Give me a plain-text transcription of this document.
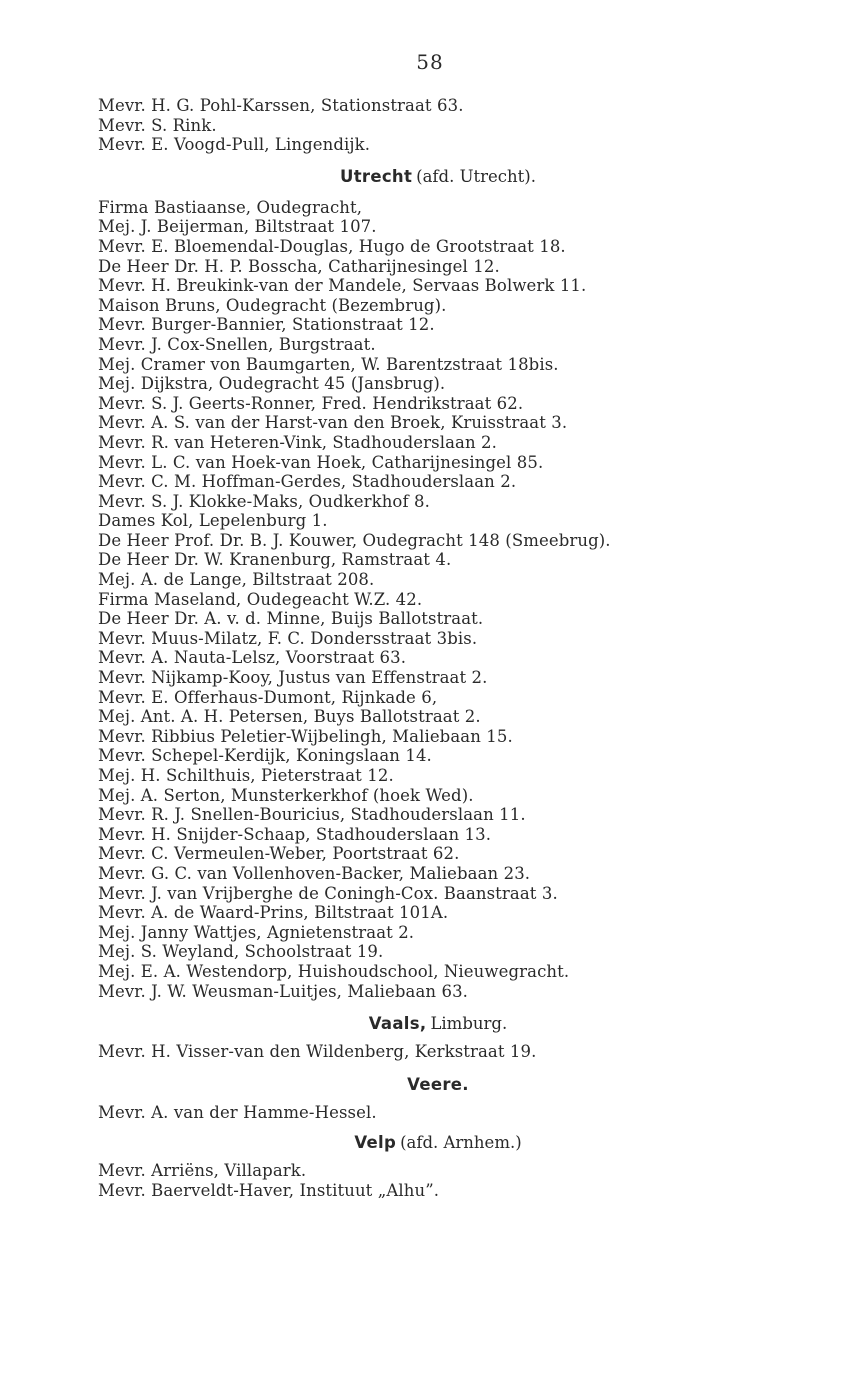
58
Mevr. H. G. Pohl-Karssen, Stationstraat 63.
Mevr. S. Rink.
Mevr. E. Voogd-Pull, Lingendijk.
Utrecht (afd. Utrecht).
Firma Bastiaanse, Oudegracht,
Mej. J. Beijerman, Biltstraat 107.
Mevr. E. Bloemendal-Douglas, Hugo de Grootstraat 18.
De Heer Dr. H. P. Bosscha, Catharijnesingel 12.
Mevr. H. Breukink-van der Mandele, Servaas Bolwerk 11.
Maison Bruns, Oudegracht (Bezembrug).
Mevr. Burger-Bannier, Stationstraat 12.
Mevr. J. Cox-Snellen, Burgstraat.
Mej. Cramer von Baumgarten, W. Barentzstraat 18bis.
Mej. Dijkstra, Oudegracht 45 (Jansbrug).
Mevr. S. J. Geerts-Ronner, Fred. Hendrikstraat 62.
Mevr. A. S. van der Harst-van den Broek, Kruisstraat 3.
Mevr. R. van Heteren-Vink, Stadhouderslaan 2.
Mevr. L. C. van Hoek-van Hoek, Catharijnesingel 85.
Mevr. C. M. Hoffman-Gerdes, Stadhouderslaan 2.
Mevr. S. J. Klokke-Maks, Oudkerkhof 8.
Dames Kol, Lepelenburg 1.
De Heer Prof. Dr. B. J. Kouwer, Oudegracht 148 (Smeebrug).
De Heer Dr. W. Kranenburg, Ramstraat 4.
Mej. A. de Lange, Biltstraat 208.
Firma Maseland, Oudegeacht W.Z. 42.
De Heer Dr. A. v. d. Minne, Buijs Ballotstraat.
Mevr. Muus-Milatz, F. C. Dondersstraat 3bis.
Mevr. A. Nauta-Lelsz, Voorstraat 63.
Mevr. Nijkamp-Kooy, Justus van Effenstraat 2.
Mevr. E. Offerhaus-Dumont, Rijnkade 6,
Mej. Ant. A. H. Petersen, Buys Ballotstraat 2.
Mevr. Ribbius Peletier-Wijbelingh, Maliebaan 15.
Mevr. Schepel-Kerdijk, Koningslaan 14.
Mej. H. Schilthuis, Pieterstraat 12.
Mej. A. Serton, Munsterkerkhof (hoek Wed).
Mevr. R. J. Snellen-Bouricius, Stadhouderslaan 11.
Mevr. H. Snijder-Schaap, Stadhouderslaan 13.
Mevr. C. Vermeulen-Weber, Poortstraat 62.
Mevr. G. C. van Vollenhoven-Backer, Maliebaan 23.
Mevr. J. van Vrijberghe de Coningh-Cox. Baanstraat 3.
Mevr. A. de Waard-Prins, Biltstraat 101A.
Mej. Janny Wattjes, Agnietenstraat 2.
Mej. S. Weyland, Schoolstraat 19.
Mej. E. A. Westendorp, Huishoudschool, Nieuwegracht.
Mevr. J. W. Weusman-Luitjes, Maliebaan 63.
Vaals, Limburg.
Mevr. H. Visser-van den Wildenberg, Kerkstraat 19.
Veere.
Mevr. A. van der Hamme-Hessel.
Velp (afd. Arnhem.)
Mevr. Arriëns, Villapark.
Mevr. Baerveldt-Haver, Instituut „Alhu”.
